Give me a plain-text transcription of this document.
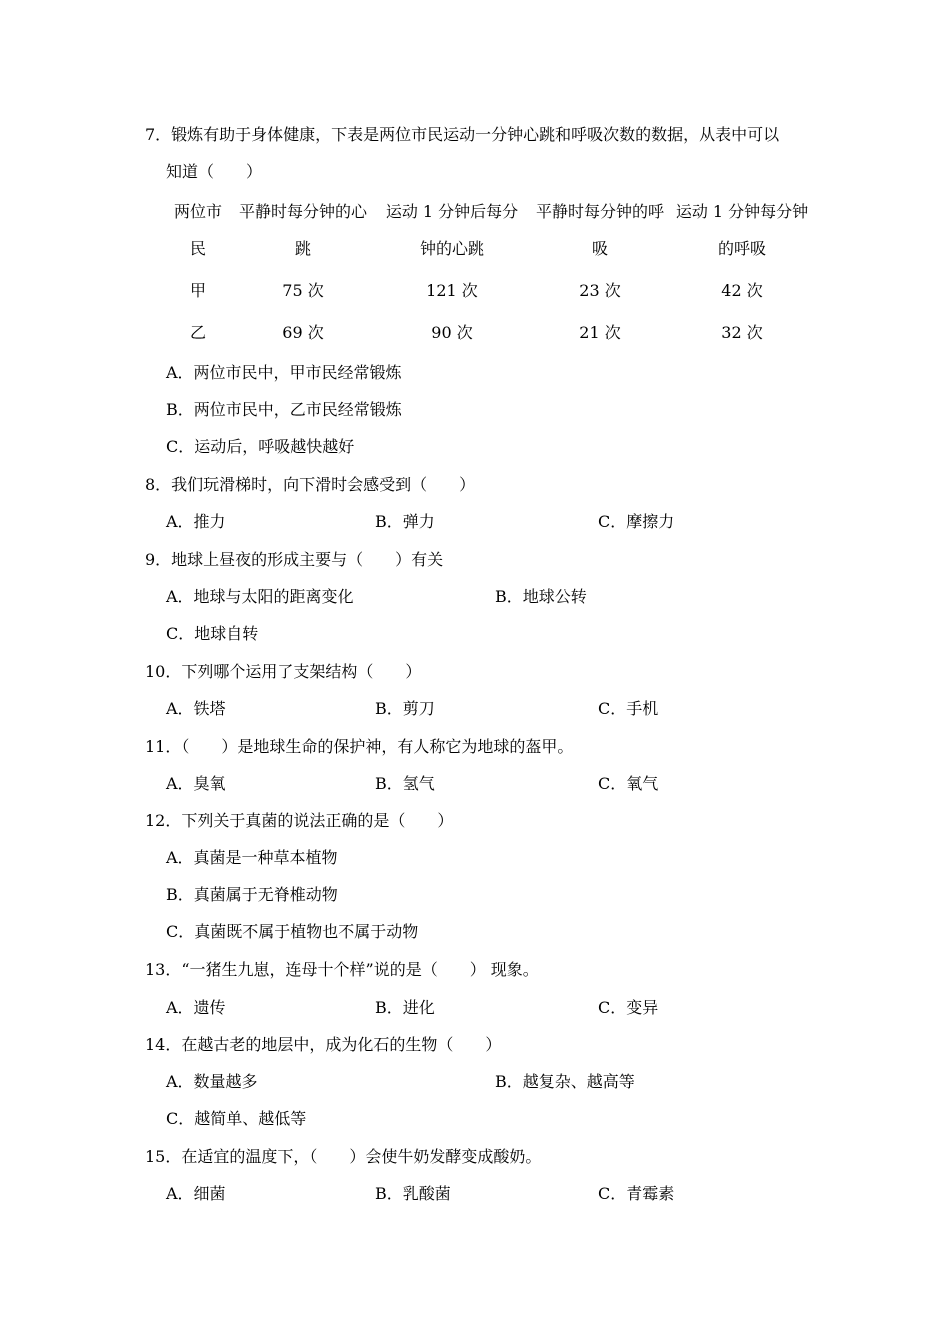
7．锻炼有助于身体健康，下表是两位市民运动一分钟心跳和呼吸次数的数据，从表中可以
知道（　　）
两位市	平静时每分钟的心	运动 1 分钟后每分	平静时每分钟的呼 运动 1 分钟每分钟
民	跳	钟的心跳	吸	的呼吸
甲	75 次	121 次	23 次	42 次
乙	69 次	90 次	21 次	32 次
A．两位市民中，甲市民经常锻炼
B．两位市民中，乙市民经常锻炼
C．运动后，呼吸越快越好
8．我们玩滑梯时，向下滑时会感受到（　　）
A．推力	B．弹力	C．摩擦力
9．地球上昼夜的形成主要与（　　）有关
A．地球与太阳的距离变化	B．地球公转
C．地球自转
10．下列哪个运用了支架结构（　　）
A．铁塔	B．剪刀	C．手机
11．（　　）是地球生命的保护神，有人称它为地球的盔甲。
A．臭氧	B．氢气	C．氧气
12．下列关于真菌的说法正确的是（　　）
A．真菌是一种草本植物
B．真菌属于无脊椎动物
C．真菌既不属于植物也不属于动物
13．“一猪生九崽，连母十个样”说的是（　　） 现象。
A．遗传	B．进化	C．变异
14．在越古老的地层中，成为化石的生物（　　）
A．数量越多	B．越复杂、越高等
C．越简单、越低等
15．在适宜的温度下，（　　）会使牛奶发酵变成酸奶。
A．细菌	B．乳酸菌	C．青霉素
